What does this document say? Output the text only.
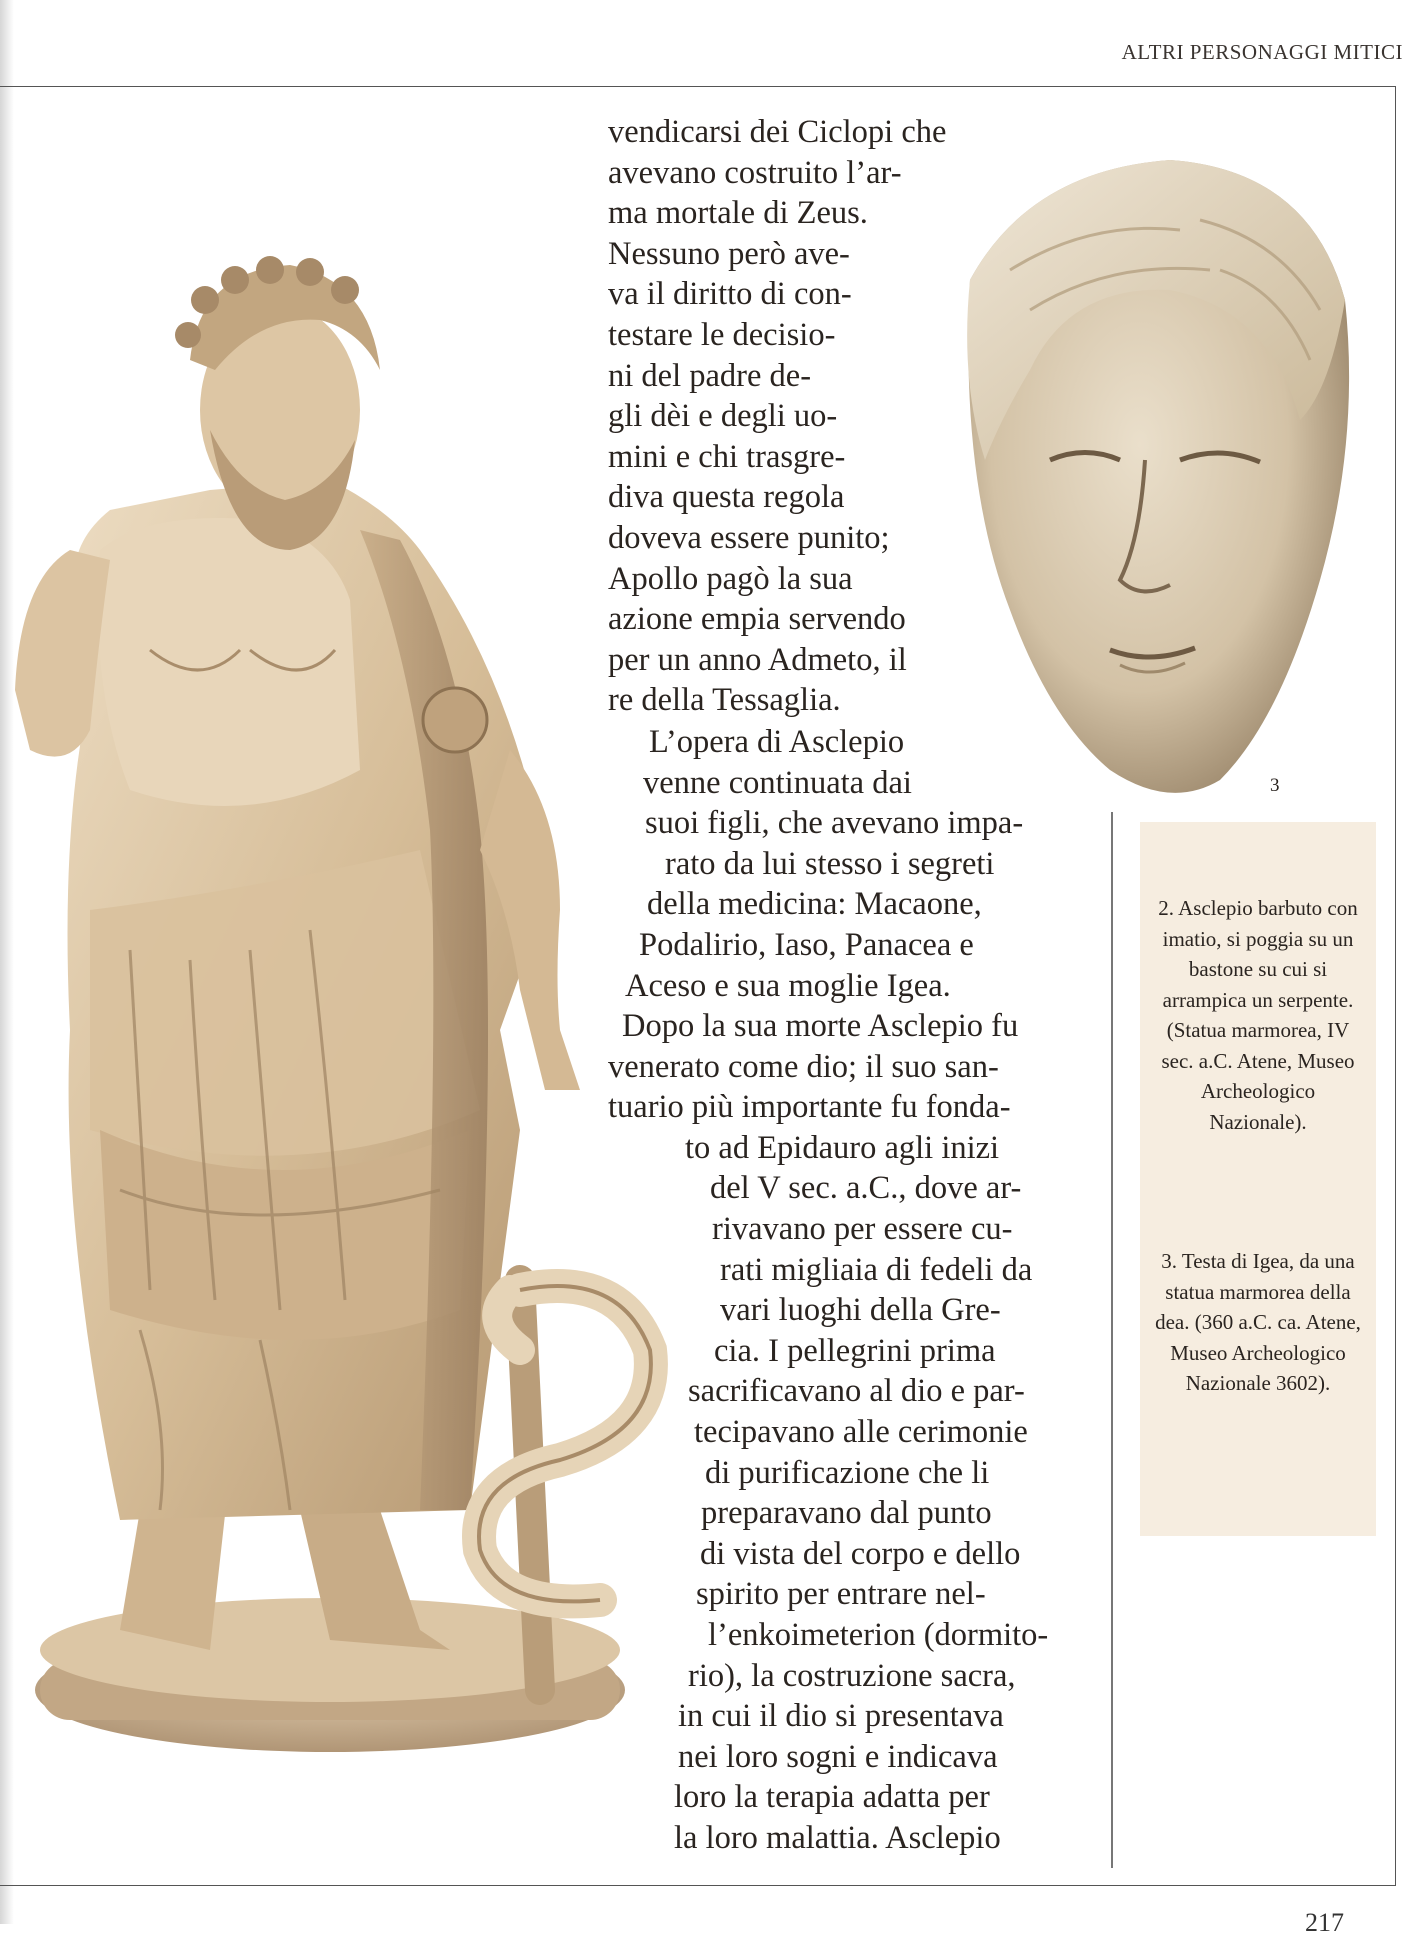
ALTRI PERSONAGGI MITICI
3
2. Asclepio barbuto con imatio, si poggia su un bastone su cui si arrampica un serpente. (Statua marmorea, IV sec. a.C. Atene, Museo Archeologico Nazionale).
3. Testa di Igea, da una statua marmorea della dea. (360 a.C. ca. Atene, Museo Archeologico Nazionale 3602).
vendicarsi dei Ciclopi che
avevano costruito l’ar-
ma mortale di Zeus.
Nessuno però ave-
va il diritto di con-
testare le decisio-
ni del padre de-
gli dèi e degli uo-
mini e chi trasgre-
diva questa regola
doveva essere punito;
Apollo pagò la sua
azione empia servendo
per un anno Admeto, il
re della Tessaglia.
L’opera di Asclepio
venne continuata dai
suoi figli, che avevano impa-
rato da lui stesso i segreti
della medicina: Macaone,
Podalirio, Iaso, Panacea e
Aceso e sua moglie Igea.
Dopo la sua morte Asclepio fu
venerato come dio; il suo san-
tuario più importante fu fonda-
to ad Epidauro agli inizi
del V sec. a.C., dove ar-
rivavano per essere cu-
rati migliaia di fedeli da
vari luoghi della Gre-
cia. I pellegrini prima
sacrificavano al dio e par-
tecipavano alle cerimonie
di purificazione che li
preparavano dal punto
di vista del corpo e dello
spirito per entrare nel-
l’enkoimeterion (dormito-
rio), la costruzione sacra,
in cui il dio si presentava
nei loro sogni e indicava
loro la terapia adatta per
la loro malattia. Asclepio
217
